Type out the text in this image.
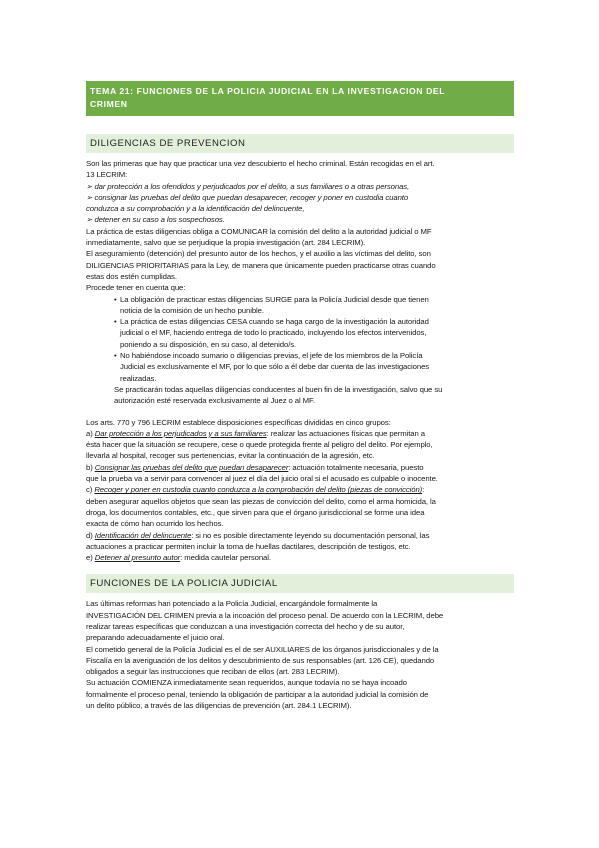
TEMA 21: FUNCIONES DE LA POLICIA JUDICIAL EN LA INVESTIGACION DEL
CRIMEN
DILIGENCIAS DE PREVENCION

Son las primeras que hay que practicar una vez descubierto el hecho criminal. Están recogidas en el art.

13 LECRIM:

➢ dar protección a los ofendidos y perjudicados por el delito, a sus familiares o a otras personas,

➢ consignar las pruebas del delito que puedan desaparecer, recoger y poner en custodia cuanto

conduzca a su comprobación y a la identificación del delincuente,

➢ detener en su caso a los sospechosos.

La práctica de estas diligencias obliga a COMUNICAR la comisión del delito a la autoridad judicial o MF

inmediatamente, salvo que se perjudique la propia investigación (art. 284 LECRIM).

El aseguramiento (detención) del presunto autor de los hechos, y el auxilio a las víctimas del delito, son

DILIGENCIAS PRIORITARIAS para la Ley, de manera que únicamente pueden practicarse otras cuando

estas dos estén cumplidas.

Procede tener en cuenta que:

• La obligación de practicar estas diligencias SURGE para la Policía Judicial desde que tienen

noticia de la comisión de un hecho punible.

• La práctica de estas diligencias CESA cuando se haga cargo de la investigación la autoridad

judicial o el MF, haciendo entrega de todo lo practicado, incluyendo los efectos intervenidos,

poniendo a su disposición, en su caso, al detenido/s.

• No habiéndose incoado sumario o diligencias previas, el jefe de los miembros de la Policía

Judicial es exclusivamente el MF, por lo que sólo a él debe dar cuenta de las investigaciones

realizadas.

Se practicarán todas aquellas diligencias conducentes al buen fin de la investigación, salvo que su

autorización esté reservada exclusivamente al Juez o al MF.

Los arts. 770 y 796 LECRIM establece disposiciones específicas divididas en cinco grupos:

a) Dar protección a los perjudicados y a sus familiares: realizar las actuaciones físicas que permitan a

ésta hacer que la situación se recupere, cese o quede protegida frente al peligro del delito. Por ejemplo,

llevarla al hospital, recoger sus pertenencias, evitar la continuación de la agresión, etc.

b) Consignar las pruebas del delito que puedan desaparecer: actuación totalmente necesaria, puesto

que la prueba va a servir para convencer al juez el día del juicio oral si el acusado es culpable o inocente.

c) Recoger y poner en custodia cuanto conduzca a la comprobación del delito (piezas de convicción):

deben asegurar aquellos objetos que sean las piezas de convicción del delito, como el arma homicida, la

droga, los documentos contables, etc., que sirven para que el órgano jurisdiccional se forme una idea

exacta de cómo han ocurrido los hechos.

d) Identificación del delincuente: si no es posible directamente leyendo su documentación personal, las

actuaciones a practicar permiten incluir la toma de huellas dactilares, descripción de testigos, etc.

e) Detener al presunto autor: medida cautelar personal.

FUNCIONES DE LA POLICIA JUDICIAL

Las últimas reformas han potenciado a la Policía Judicial, encargándole formalmente la

INVESTIGACIÓN DEL CRIMEN previa a la incoación del proceso penal. De acuerdo con la LECRIM, debe

realizar tareas específicas que conduzcan a una investigación correcta del hecho y de su autor,

preparando adecuadamente el juicio oral.

El cometido general de la Policía Judicial es el de ser AUXILIARES de los órganos jurisdiccionales y de la

Fiscalía en la averiguación de los delitos y descubrimiento de sus responsables (art. 126 CE), quedando

obligados a seguir las instrucciones que reciban de ellos (art. 283 LECRIM).

Su actuación COMIENZA inmediatamente sean requeridos, aunque todavía no se haya incoado

formalmente el proceso penal, teniendo la obligación de participar a la autoridad judicial la comisión de

un delito público, a través de las diligencias de prevención (art. 284.1 LECRIM).
